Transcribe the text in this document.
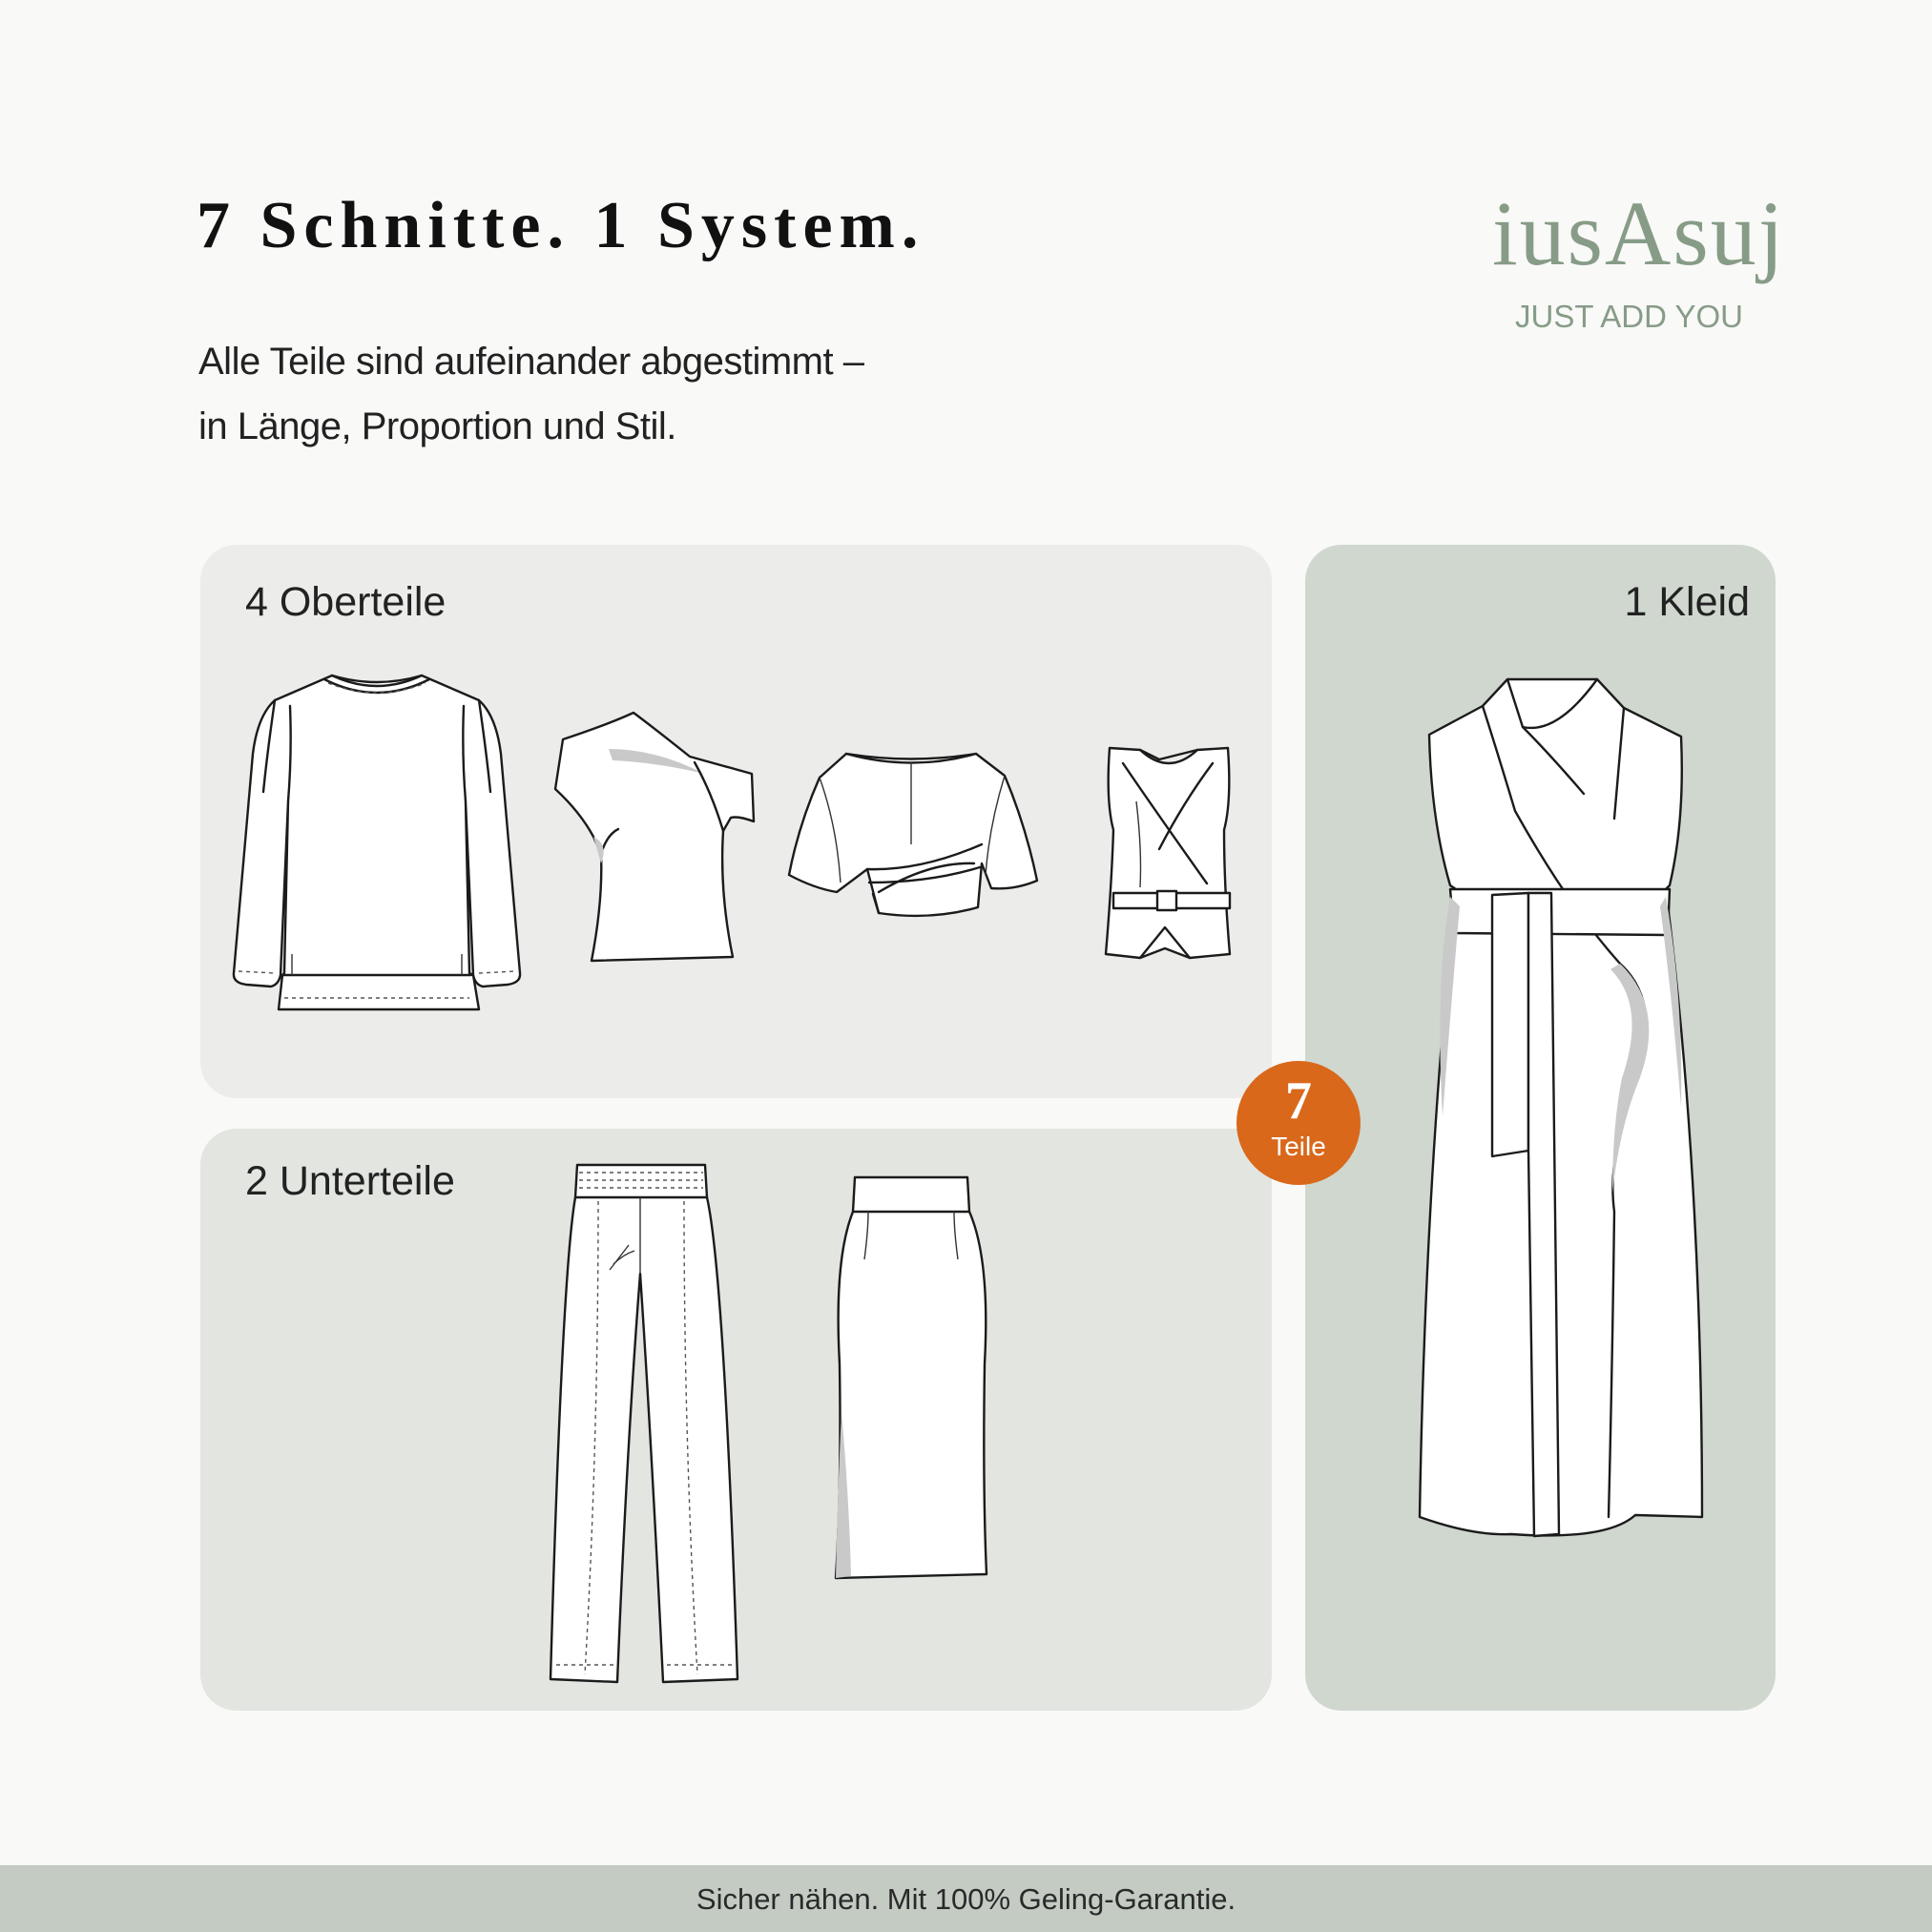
7 Schnitte. 1 System.

Alle Teile sind aufeinander abgestimmt –
in Länge, Proportion und Stil.

iusAsuj
JUST ADD YOU
4 Oberteile
2 Unterteile
1 Kleid
7
Teile
Sicher nähen. Mit 100% Geling-Garantie.
